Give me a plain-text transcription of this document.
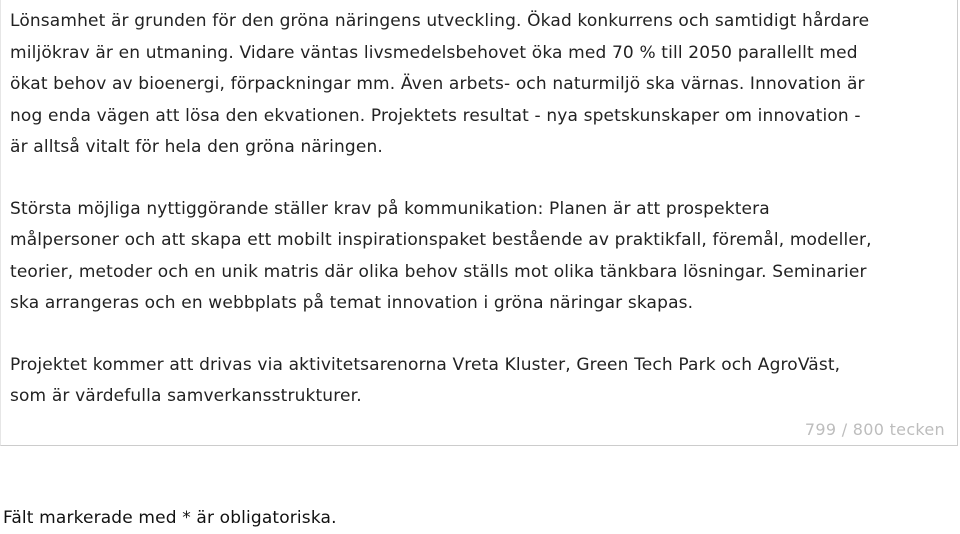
Lönsamhet är grunden för den gröna näringens utveckling. Ökad konkurrens och samtidigt hårdare
miljökrav är en utmaning. Vidare väntas livsmedelsbehovet öka med 70 % till 2050 parallellt med
ökat behov av bioenergi, förpackningar mm. Även arbets- och naturmiljö ska värnas. Innovation är
nog enda vägen att lösa den ekvationen. Projektets resultat - nya spetskunskaper om innovation -
är alltså vitalt för hela den gröna näringen.

Största möjliga nyttiggörande ställer krav på kommunikation: Planen är att prospektera
målpersoner och att skapa ett mobilt inspirationspaket bestående av praktikfall, föremål, modeller,
teorier, metoder och en unik matris där olika behov ställs mot olika tänkbara lösningar. Seminarier
ska arrangeras och en webbplats på temat innovation i gröna näringar skapas.

Projektet kommer att drivas via aktivitetsarenorna Vreta Kluster, Green Tech Park och AgroVäst,
som är värdefulla samverkansstrukturer.

799 / 800 tecken
Fält markerade med * är obligatoriska.
